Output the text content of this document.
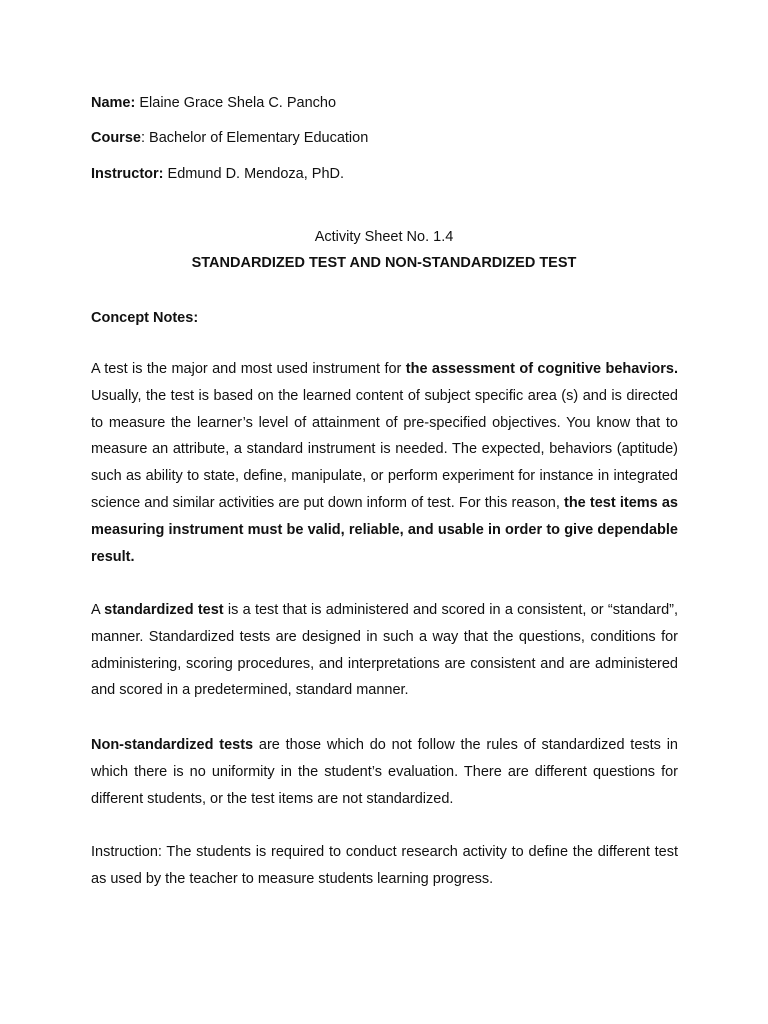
Name: Elaine Grace Shela C. Pancho
Course: Bachelor of Elementary Education
Instructor: Edmund D. Mendoza, PhD.
Activity Sheet No. 1.4
STANDARDIZED TEST AND NON-STANDARDIZED TEST
Concept Notes:
A test is the major and most used instrument for the assessment of cognitive behaviors. Usually, the test is based on the learned content of subject specific area (s) and is directed to measure the learner’s level of attainment of pre-specified objectives. You know that to measure an attribute, a standard instrument is needed. The expected, behaviors (aptitude) such as ability to state, define, manipulate, or perform experiment for instance in integrated science and similar activities are put down inform of test. For this reason, the test items as measuring instrument must be valid, reliable, and usable in order to give dependable result.
A standardized test is a test that is administered and scored in a consistent, or “standard”, manner. Standardized tests are designed in such a way that the questions, conditions for administering, scoring procedures, and interpretations are consistent and are administered and scored in a predetermined, standard manner.
Non-standardized tests are those which do not follow the rules of standardized tests in which there is no uniformity in the student’s evaluation. There are different questions for different students, or the test items are not standardized.
Instruction: The students is required to conduct research activity to define the different test as used by the teacher to measure students learning progress.
